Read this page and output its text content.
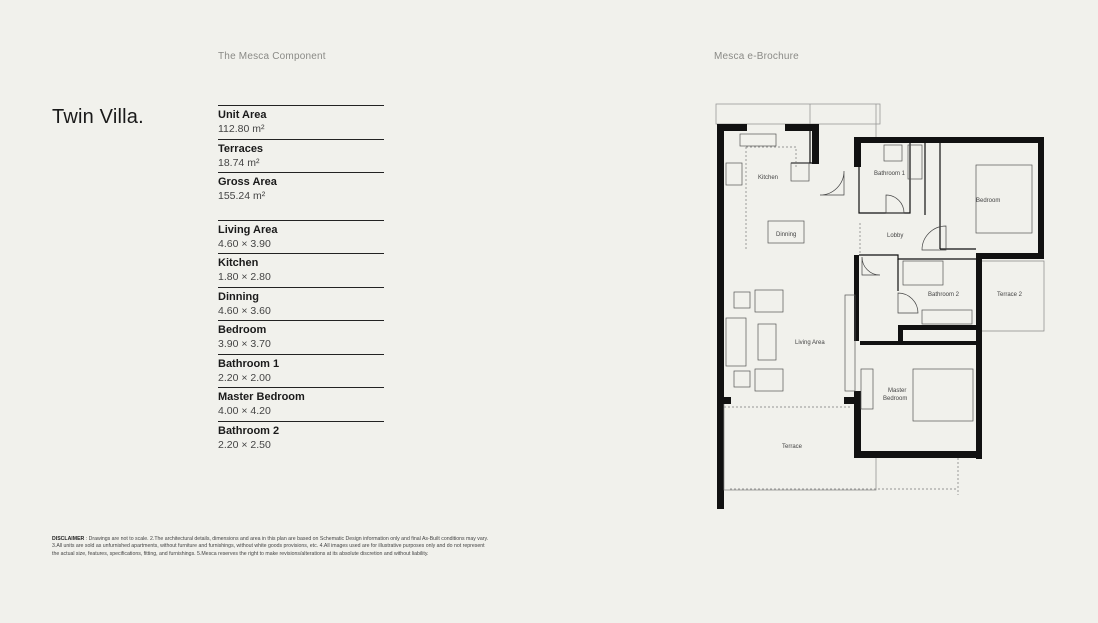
The Mesca Component	Mesca e-Brochure
Twin Villa.	Unit Area
112.80 m²
Terraces
18.74 m²
Gross Area
155.24 m²
Living Area
4.60 × 3.90
Kitchen
1.80 × 2.80
Dinning
4.60 × 3.60
Bedroom
3.90 × 3.70
Bathroom 1
2.20 × 2.00
Master Bedroom
4.00 × 4.20
Bathroom 2
2.20 × 2.50
DISCLAIMER : Drawings are not to scale. 2.The architectural details, dimensions and area in this plan are based on Schematic Design information only and final As-Built conditions may vary. 3.All units are sold as unfurnished apartments, without furniture and furnishings, without white goods provisions, etc. 4.All images used are for illustrative purposes only and do not represent the actual size, features, specifications, fitting, and furnishings. 5.Mesca reserves the right to make revisions/alterations at its absolute discretion and without liability.
Kitchen
Dinning
Living Area
Bathroom 1
Bedroom
Lobby
Bathroom 2	Terrace 2
Master
Bedroom
Terrace
